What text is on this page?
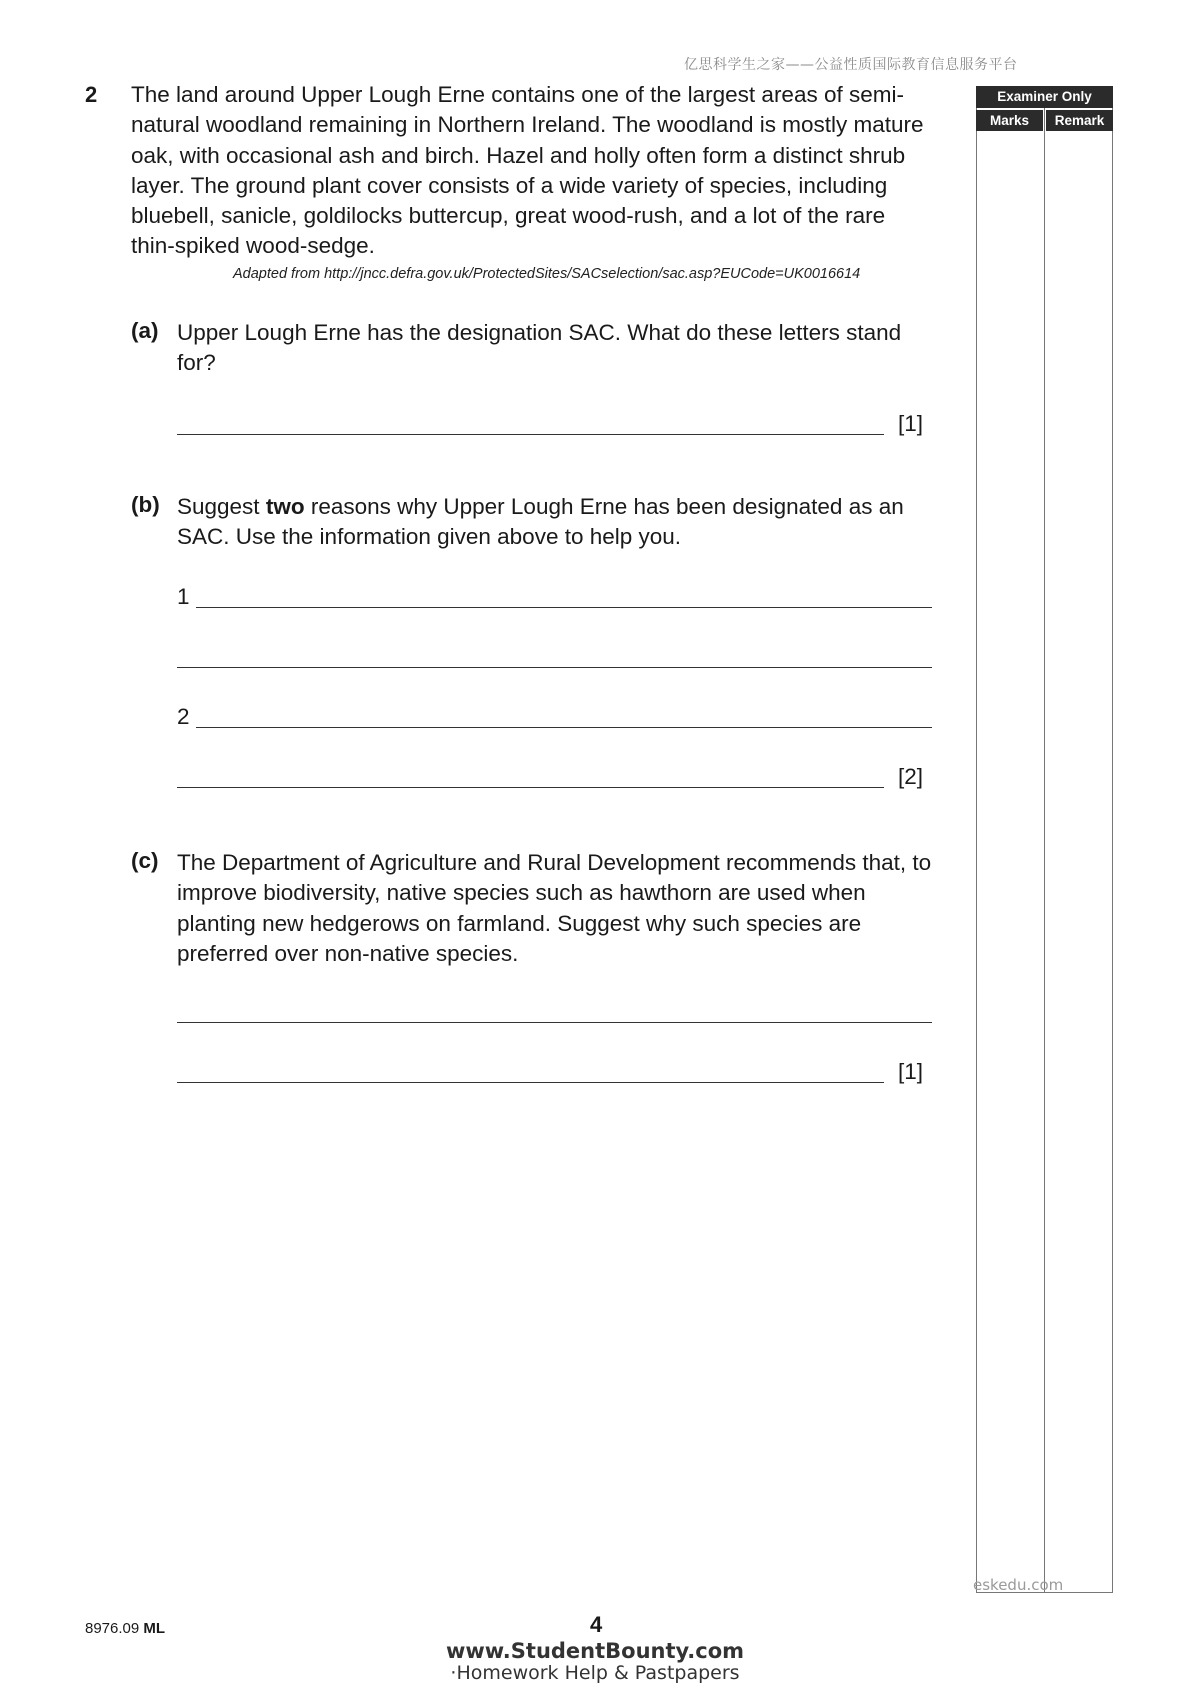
亿思科学生之家——公益性质国际教育信息服务平台
2 The land around Upper Lough Erne contains one of the largest areas of semi-natural woodland remaining in Northern Ireland. The woodland is mostly mature oak, with occasional ash and birch. Hazel and holly often form a distinct shrub layer. The ground plant cover consists of a wide variety of species, including bluebell, sanicle, goldilocks buttercup, great wood-rush, and a lot of the rare thin-spiked wood-sedge.
Adapted from http://jncc.defra.gov.uk/ProtectedSites/SACselection/sac.asp?EUCode=UK0016614
(a) Upper Lough Erne has the designation SAC. What do these letters stand for?
[1]
(b) Suggest two reasons why Upper Lough Erne has been designated as an SAC. Use the information given above to help you.
1
2
[2]
(c) The Department of Agriculture and Rural Development recommends that, to improve biodiversity, native species such as hawthorn are used when planting new hedgerows on farmland. Suggest why such species are preferred over non-native species.
[1]
Examiner Only
Marks	Remark
eskedu.com
8976.09 ML	4
www.StudentBounty.com
·Homework Help & Pastpapers
